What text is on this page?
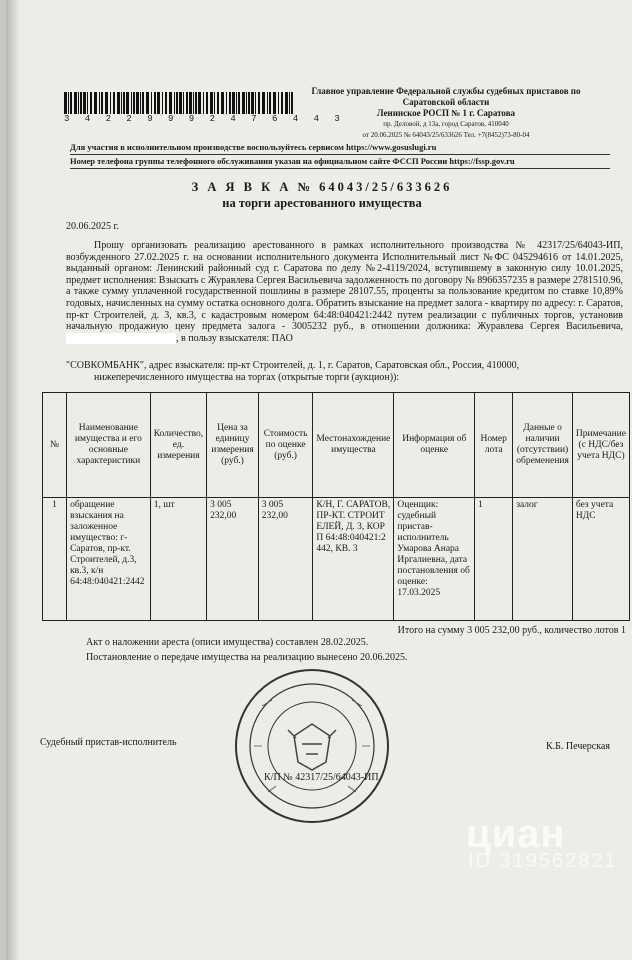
3 4 2 2 9 9 9 2 4 7 6 4 4 3
Главное управление Федеральной службы судебных приставов по
Саратовской области
Ленинское РОСП № 1 г. Саратова
пр. Деловой, д 13а, город Саратов, 410040
от 20.06.2025 № 64043/25/633626 Тел. +7(8452)73-80-04
Для участия в исполнительном производстве воспользуйтесь сервисом https://www.gosuslugi.ru
Номер телефона группы телефонного обслуживания указан на официальном сайте ФССП России https://fssp.gov.ru
З А Я В К А № 64043/25/633626
на торги арестованного имущества
20.06.2025 г.

Прошу организовать реализацию арестованного в рамках исполнительного производства № 42317/25/64043-ИП, возбужденного 27.02.2025 г. на основании исполнительного документа Исполнительный лист №ФС 045294616 от 14.01.2025, выданный органом: Ленинский районный суд г. Саратова по делу №2-4119/2024, вступившему в законную силу 10.01.2025, предмет исполнения: Взыскать с Журавлева Сергея Васильевича задолженность по договору № 8966357235 в размере 2781510.96, а также сумму уплаченной государственной пошлины в размере 28107.55, проценты за пользование кредитом по ставке 10,89% годовых, начисленных на сумму остатка основного долга. Обратить взыскание на предмет залога - квартиру по адресу: г. Саратов, пр-кт Строителей, д. 3, кв.3, с кадастровым номером 64:48:040421:2442 путем реализации с публичных торгов, установив начальную продажную цену предмета залога - 3005232 руб., в отношении должника: Журавлева Сергея Васильевича,, в пользу взыскателя: ПАО

"СОВКОМБАНК", адрес взыскателя: пр-кт Строителей, д. 1, г. Саратов, Саратовская обл., Россия, 410000,
нижеперечисленного имущества на торгах (открытые торги (аукцион)):
№	Наименование имущества и его основные характеристики	Количество, ед. измерения	Цена за единицу измерения (руб.)	Стоимость по оценке (руб.)	Местонахождение имущества	Информация об оценке	Номер лота	Данные о наличии (отсутствии) обременения	Примечание (с НДС/без учета НДС)
1	обращение взыскания на заложенное имущество: г-Саратов, пр-кт. Строителей, д.3, кв.3, к/н 64:48:040421:2442	1, шт	3 005 232,00	3 005 232,00	К/Н, Г. САРАТОВ, ПР-КТ. СТРОИТЕЛЕЙ, Д. 3, КОРП 64:48:040421:2442, КВ. 3	Оценщик: судебный пристав-исполнитель Умарова Анара Иргалиевна, дата постановления об оценке: 17.03.2025	1	залог	без учета НДС
Итого на сумму 3 005 232,00 руб., количество лотов 1
Акт о наложении ареста (описи имущества) составлен 28.02.2025.
Постановление о передаче имущества на реализацию вынесено 20.06.2025.
Судебный пристав-исполнитель	К.Б. Печерская
К/П № 42317/25/64043-ИП
циан
ID 319562821
